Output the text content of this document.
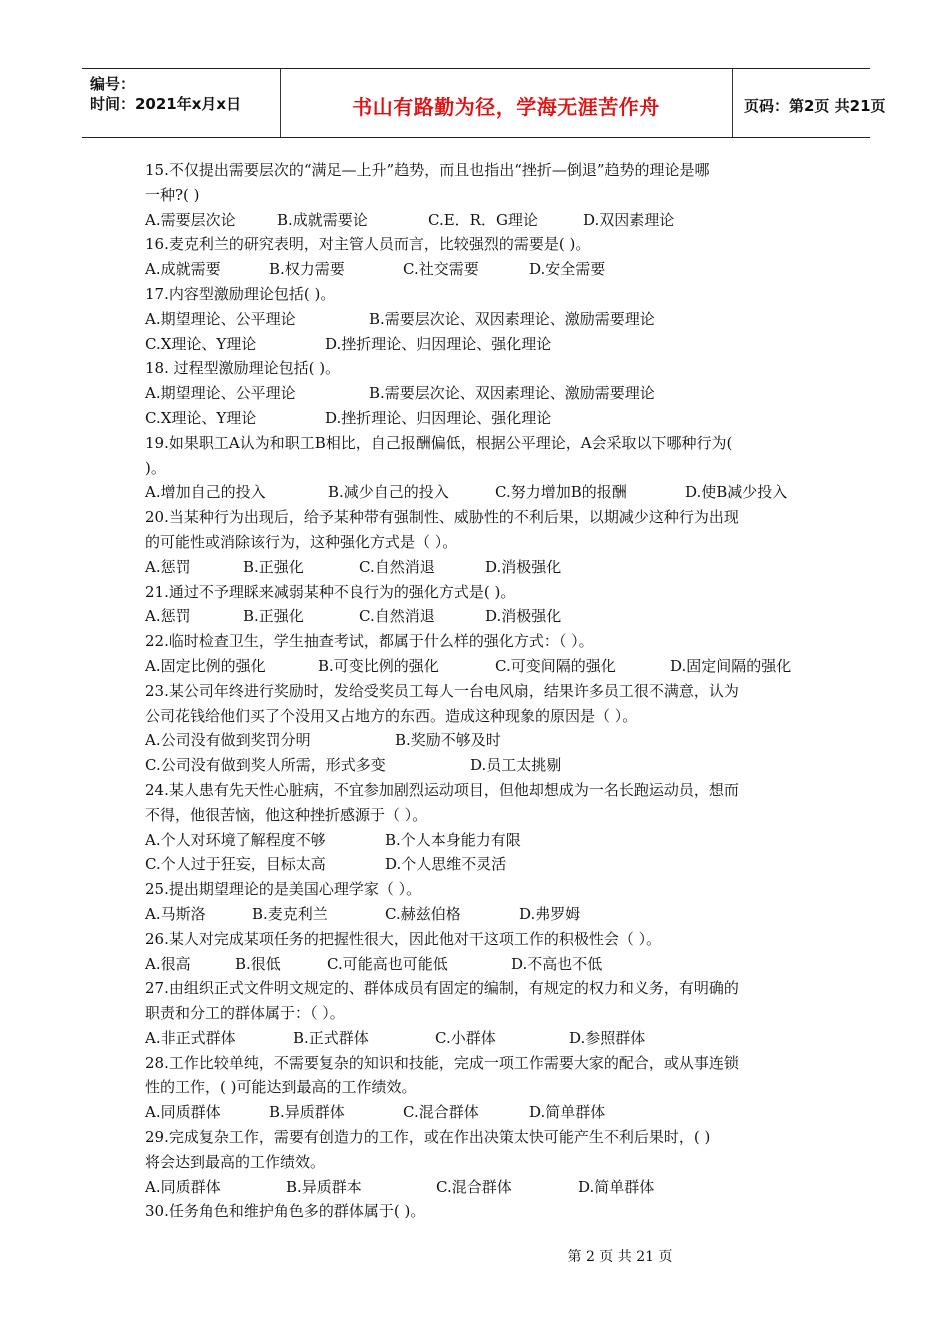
编号：
时间：2021年x月x日	书山有路勤为径，学海无涯苦作舟	页码：第2页 共21页
15.不仅提出需要层次的“满足—上升”趋势，而且也指出“挫折—倒退”趋势的理论是哪
一种?( )
A.需要层次论	B.成就需要论	C.E．R．G理论	D.双因素理论
16.麦克利兰的研究表明，对主管人员而言，比较强烈的需要是( )。
A.成就需要	B.权力需要	C.社交需要	D.安全需要
17.内容型激励理论包括( )。
A.期望理论、公平理论	B.需要层次论、双因素理论、激励需要理论
C.X理论、Y理论	D.挫折理论、归因理论、强化理论
18. 过程型激励理论包括( )。
A.期望理论、公平理论	B.需要层次论、双因素理论、激励需要理论
C.X理论、Y理论	D.挫折理论、归因理论、强化理论
19.如果职工A认为和职工B相比，自己报酬偏低，根据公平理论，A会采取以下哪种行为(
)。
A.增加自己的投入	B.减少自己的投入	C.努力增加B的报酬	D.使B减少投入
20.当某种行为出现后，给予某种带有强制性、威胁性的不利后果，以期减少这种行为出现
的可能性或消除该行为，这种强化方式是（ ）。
A.惩罚	B.正强化	C.自然消退	D.消极强化
21.通过不予理睬来减弱某种不良行为的强化方式是( )。
A.惩罚	B.正强化	C.自然消退	D.消极强化
22.临时检查卫生，学生抽查考试，都属于什么样的强化方式：（ ）。
A.固定比例的强化	B.可变比例的强化	C.可变间隔的强化	D.固定间隔的强化
23.某公司年终进行奖励时，发给受奖员工每人一台电风扇，结果许多员工很不满意，认为
公司花钱给他们买了个没用又占地方的东西。造成这种现象的原因是（ ）。
A.公司没有做到奖罚分明	B.奖励不够及时
C.公司没有做到奖人所需，形式多变	D.员工太挑剔
24.某人患有先天性心脏病，不宜参加剧烈运动项目，但他却想成为一名长跑运动员，想而
不得，他很苦恼，他这种挫折感源于（ ）。
A.个人对环境了解程度不够	B.个人本身能力有限
C.个人过于狂妄，目标太高	D.个人思维不灵活
25.提出期望理论的是美国心理学家（ ）。
A.马斯洛	B.麦克利兰	C.赫兹伯格	D.弗罗姆
26.某人对完成某项任务的把握性很大，因此他对干这项工作的积极性会（ ）。
A.很高	B.很低	C.可能高也可能低	D.不高也不低
27.由组织正式文件明文规定的、群体成员有固定的编制，有规定的权力和义务，有明确的
职责和分工的群体属于：（ ）。
A.非正式群体	B.正式群体	C.小群体	D.参照群体
28.工作比较单纯，不需要复杂的知识和技能，完成一项工作需要大家的配合，或从事连锁
性的工作，( )可能达到最高的工作绩效。
A.同质群体	B.异质群体	C.混合群体	D.简单群体
29.完成复杂工作，需要有创造力的工作，或在作出决策太快可能产生不利后果时，( )
将会达到最高的工作绩效。
A.同质群体	B.异质群本	C.混合群体	D.简单群体
30.任务角色和维护角色多的群体属于( )。
第 2 页 共 21 页
